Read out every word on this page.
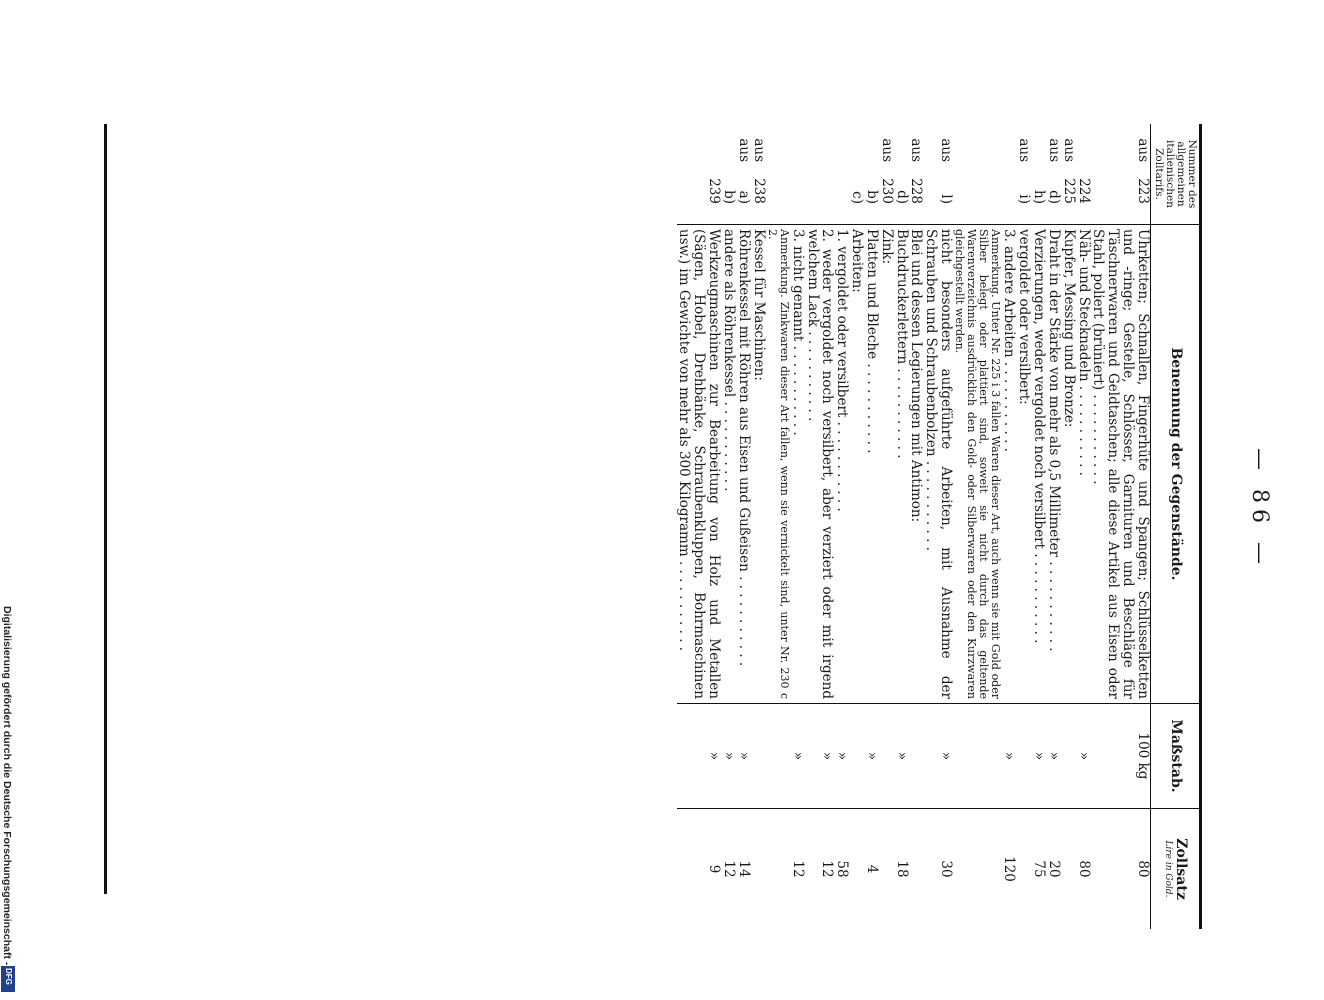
— 86 —
Nummer des allgemeinen italienischen Zolltarifs.	Benennung der Gegenstände.	Maßstab.	Zollsatz
Lire in Gold.

aus223	Uhrketten; Schnallen, Fingerhüte und Spangen; Schlüsselketten und -ringe; Gestelle, Schlösser, Garnituren und Beschläge für Täschnerwaren und Geldtaschen; alle diese Artikel aus Eisen oder Stahl, poliert (brüniert) . . .	100 kg	80
224	Näh- und Stecknadeln . . .	»	80
aus225	Kupfer, Messing und Bronze:		
ausd)	Draht in der Stärke von mehr als 0,5 Millimeter . . .	»	20
h)	Verzierungen, weder vergoldet noch versilbert . . .	»	75
ausi)	vergoldet oder versilbert:		
	3. andere Arbeiten . . .	»	120
	Anmerkung. Unter Nr. 225 i 3 fallen Waren dieser Art, auch wenn sie mit Gold oder Silber belegt oder plattiert sind, soweit sie nicht durch das geltende Warenverzeichnis ausdrücklich den Gold- oder Silberwaren oder den Kurzwaren gleichgestellt werden.		
ausl)	nicht besonders aufgeführte Arbeiten, mit Ausnahme der Schrauben und Schraubenbolzen . . .	»	30
aus228	Blei und dessen Legierungen mit Antimon:		
d)	Buchdruckerlettern . . .	»	18
aus230	Zink:		
b)	Platten und Bleche . . .	»	4
c)	Arbeiten:		
	1. vergoldet oder versilbert . . .	»	58
	2. weder vergoldet noch versilbert, aber verziert oder mit irgend welchem Lack . . .	»	12
	3. nicht genannt . . .	»	12
	Anmerkung. Zinkwaren dieser Art fallen, wenn sie vernickelt sind, unter Nr. 230 c 2.		
aus238	Kessel für Maschinen:		
ausa)	Röhrenkessel mit Röhren aus Eisen und Gußeisen . . .	»	14
b)	andere als Röhrenkessel . . .	»	12
239	Werkzeugmaschinen zur Bearbeitung von Holz und Metallen (Sägen, Hobel, Drehbänke, Schraubenkluppen, Bohrmaschinen usw.) im Gewichte von mehr als 300 Kilogramm . . .	»	9
Digitalisierung gefördert durch die Deutsche Forschungsgemeinschaft -
DFG
